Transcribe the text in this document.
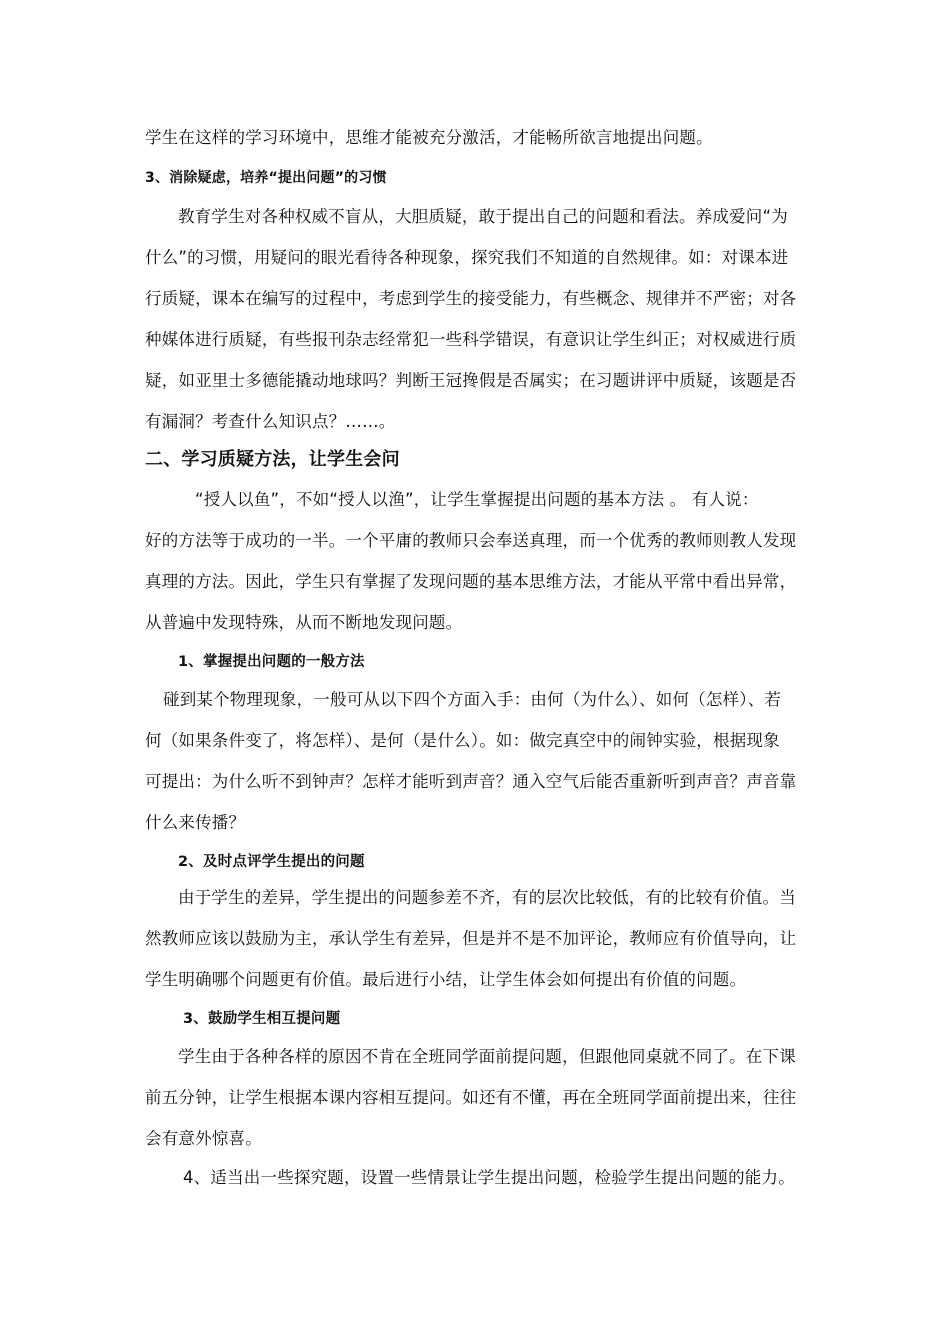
学生在这样的学习环境中，思维才能被充分激活，才能畅所欲言地提出问题。
3、消除疑虑，培养“提出问题”的习惯
教育学生对各种权威不盲从，大胆质疑，敢于提出自己的问题和看法。养成爱问“为
什么”的习惯，用疑问的眼光看待各种现象，探究我们不知道的自然规律。如：对课本进
行质疑，课本在编写的过程中，考虑到学生的接受能力，有些概念、规律并不严密；对各
种媒体进行质疑，有些报刊杂志经常犯一些科学错误，有意识让学生纠正；对权威进行质
疑，如亚里士多德能撬动地球吗？判断王冠搀假是否属实；在习题讲评中质疑，该题是否
有漏洞？考查什么知识点？……。
二、学习质疑方法，让学生会问
“授人以鱼”，不如“授人以渔”，让学生掌握提出问题的基本方法 。 有人说：
好的方法等于成功的一半。一个平庸的教师只会奉送真理，而一个优秀的教师则教人发现
真理的方法。因此，学生只有掌握了发现问题的基本思维方法，才能从平常中看出异常，
从普遍中发现特殊，从而不断地发现问题。
1、掌握提出问题的一般方法
碰到某个物理现象，一般可从以下四个方面入手：由何（为什么）、如何（怎样）、若
何（如果条件变了，将怎样）、是何（是什么）。如：做完真空中的闹钟实验，根据现象
可提出：为什么听不到钟声？怎样才能听到声音？通入空气后能否重新听到声音？声音靠
什么来传播？
2、及时点评学生提出的问题
由于学生的差异，学生提出的问题参差不齐，有的层次比较低，有的比较有价值。当
然教师应该以鼓励为主，承认学生有差异，但是并不是不加评论，教师应有价值导向，让
学生明确哪个问题更有价值。最后进行小结，让学生体会如何提出有价值的问题。
3、鼓励学生相互提问题
学生由于各种各样的原因不肯在全班同学面前提问题，但跟他同桌就不同了。在下课
前五分钟，让学生根据本课内容相互提问。如还有不懂，再在全班同学面前提出来，往往
会有意外惊喜。
4、适当出一些探究题，设置一些情景让学生提出问题，检验学生提出问题的能力。
